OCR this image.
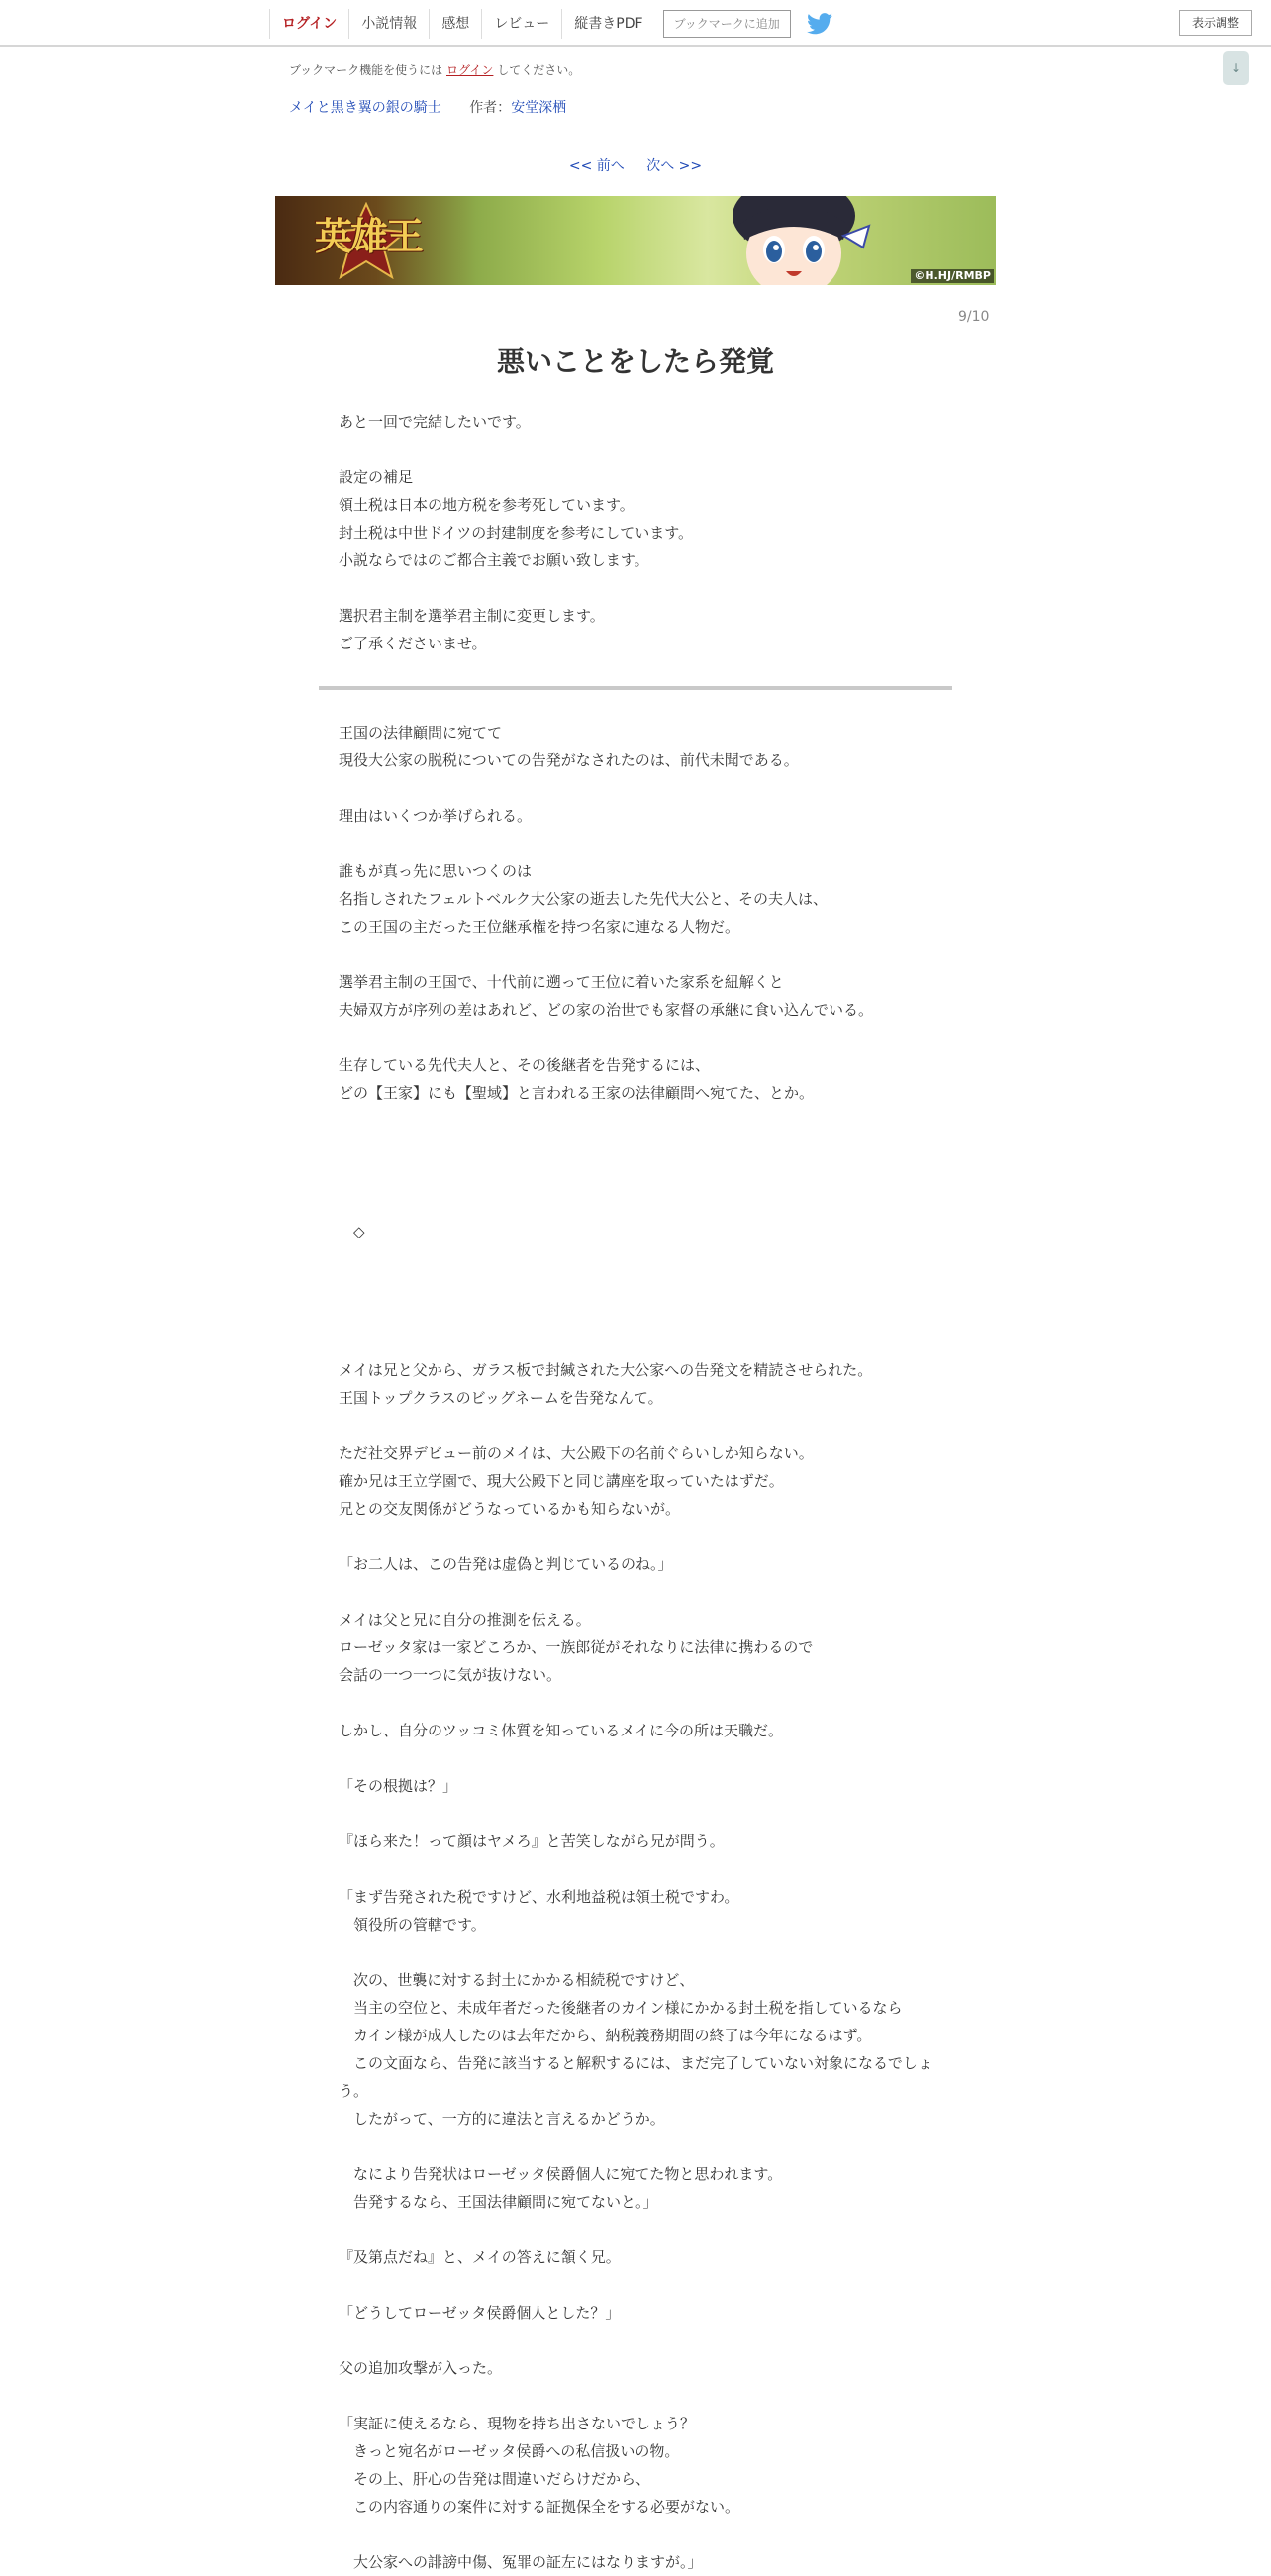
ログイン	小説情報	感想	レビュー	縦書きPDF	ブックマークに追加	表示調整
↓
ブックマーク機能を使うには ログイン してください。
メイと黒き翼の銀の騎士 作者：安堂深栖
<< 前へ 次へ >>
英雄王
©H.HJ/RMBP
9/10
悪いことをしたら発覚

あと一回で完結したいです。

設定の補足

領土税は日本の地方税を参考死しています。

封土税は中世ドイツの封建制度を参考にしています。

小説ならではのご都合主義でお願い致します。

選択君主制を選挙君主制に変更します。

ご了承くださいませ。

王国の法律顧問に宛てて

現役大公家の脱税についての告発がなされたのは、前代未聞である。

理由はいくつか挙げられる。

誰もが真っ先に思いつくのは

名指しされたフェルトベルク大公家の逝去した先代大公と、その夫人は、

この王国の主だった王位継承権を持つ名家に連なる人物だ。

選挙君主制の王国で、十代前に遡って王位に着いた家系を紐解くと

夫婦双方が序列の差はあれど、どの家の治世でも家督の承継に食い込んでいる。

生存している先代夫人と、その後継者を告発するには、

どの【王家】にも【聖域】と言われる王家の法律顧問へ宛てた、とか。

　◇

メイは兄と父から、ガラス板で封緘された大公家への告発文を精読させられた。

王国トップクラスのビッグネームを告発なんて。

ただ社交界デビュー前のメイは、大公殿下の名前ぐらいしか知らない。

確か兄は王立学園で、現大公殿下と同じ講座を取っていたはずだ。

兄との交友関係がどうなっているかも知らないが。

「お二人は、この告発は虚偽と判じているのね。」

メイは父と兄に自分の推測を伝える。

ローゼッタ家は一家どころか、一族郎従がそれなりに法律に携わるので

会話の一つ一つに気が抜けない。

しかし、自分のツッコミ体質を知っているメイに今の所は天職だ。

「その根拠は？」

『ほら来た！って顔はヤメろ』と苦笑しながら兄が問う。

「まず告発された税ですけど、水利地益税は領土税ですわ。

　領役所の管轄です。

　次の、世襲に対する封土にかかる相続税ですけど、

　当主の空位と、未成年者だった後継者のカイン様にかかる封土税を指しているなら

　カイン様が成人したのは去年だから、納税義務期間の終了は今年になるはず。

　この文面なら、告発に該当すると解釈するには、まだ完了していない対象になるでしょう。

　したがって、一方的に違法と言えるかどうか。

　なにより告発状はローゼッタ侯爵個人に宛てた物と思われます。

　告発するなら、王国法律顧問に宛てないと。」

『及第点だね』と、メイの答えに頷く兄。

「どうしてローゼッタ侯爵個人とした？」

父の追加攻撃が入った。

「実証に使えるなら、現物を持ち出さないでしょう？

　きっと宛名がローゼッタ侯爵への私信扱いの物。

　その上、肝心の告発は間違いだらけだから、

　この内容通りの案件に対する証拠保全をする必要がない。

　大公家への誹謗中傷、冤罪の証左にはなりますが。」
